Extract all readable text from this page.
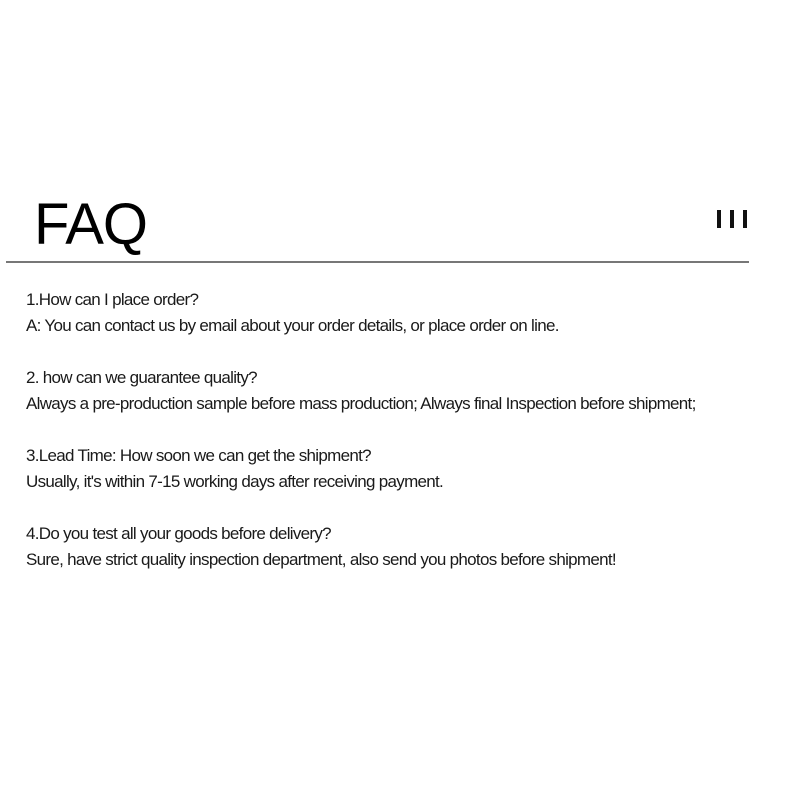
FAQ
1.How can I place order?
A: You can contact us by email about your order details, or place order on line.
2. how can we guarantee quality?
Always a pre-production sample before mass production; Always final Inspection before shipment;
3.Lead Time: How soon we can get the shipment?
Usually, it's within 7-15 working days after receiving payment.
4.Do you test all your goods before delivery?
Sure, have strict quality inspection department, also send you photos before shipment!
